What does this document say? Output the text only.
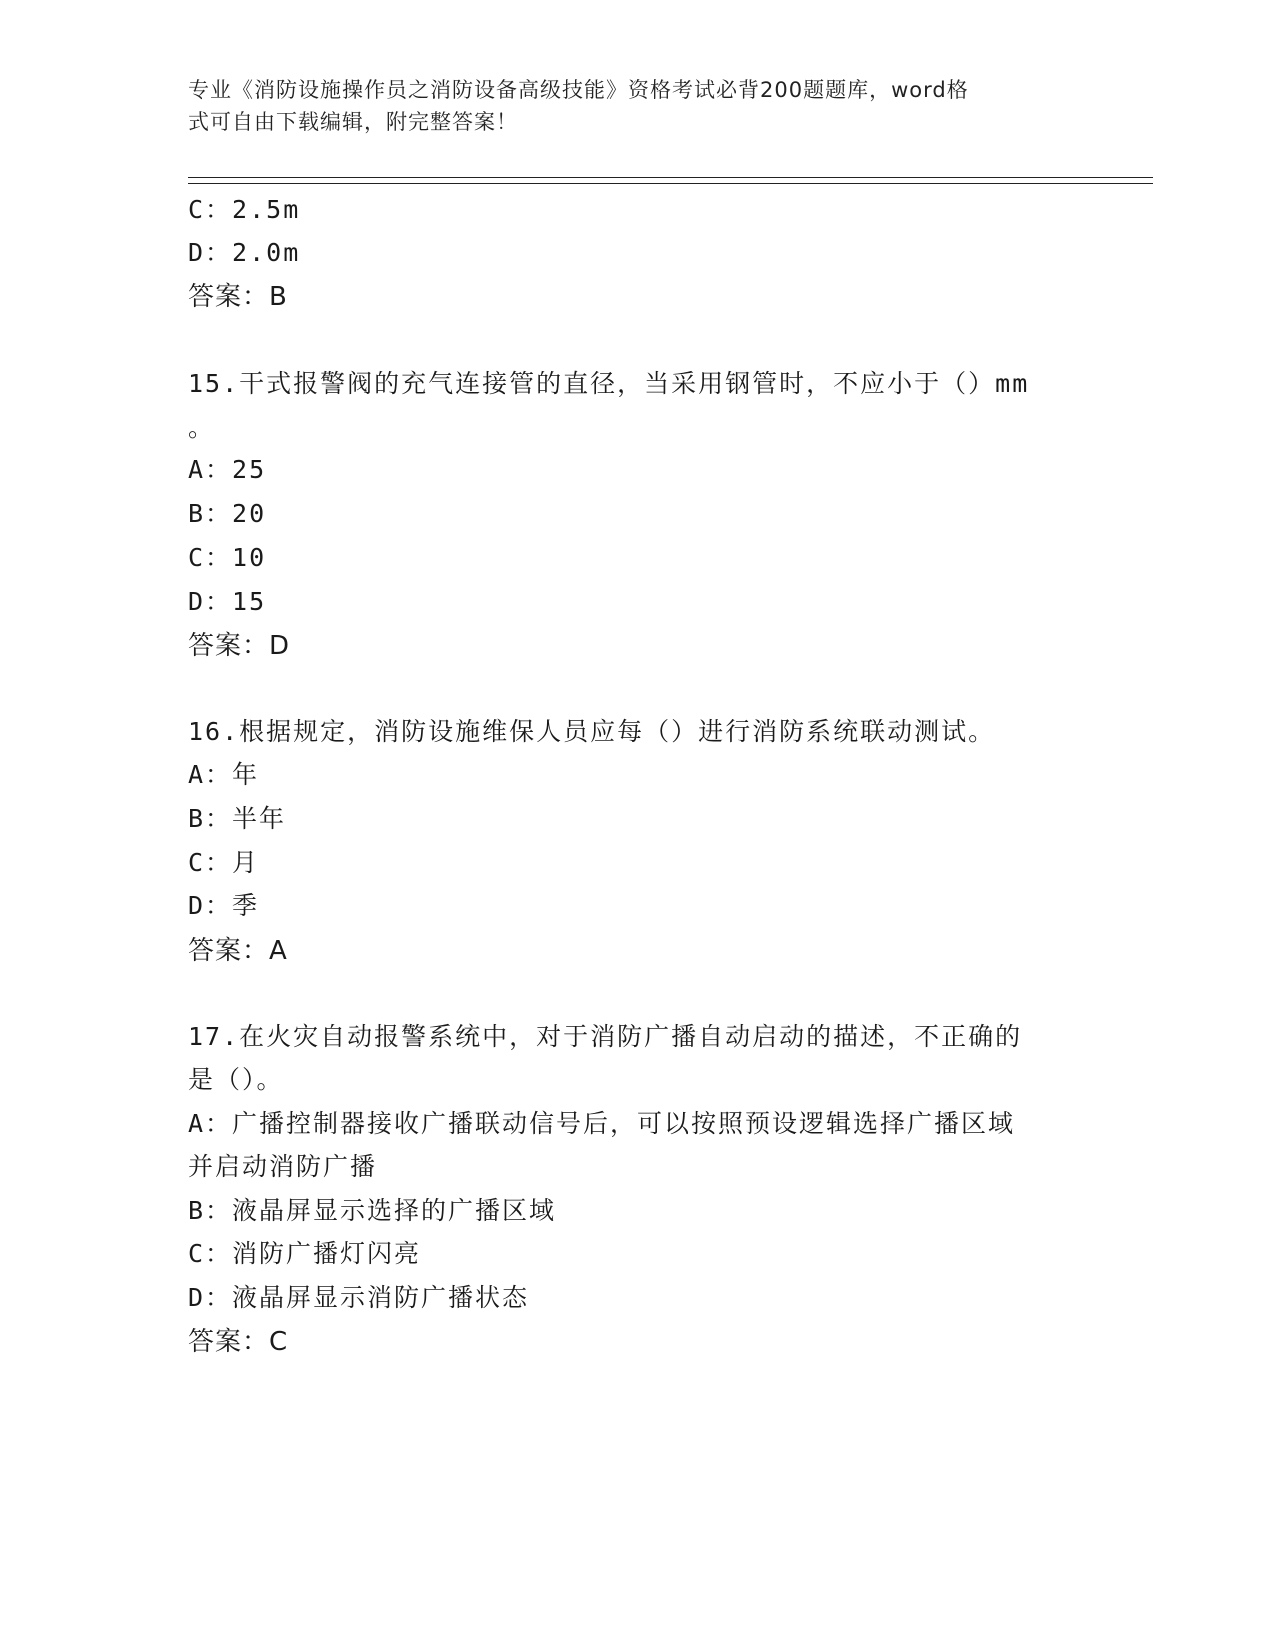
专业《消防设施操作员之消防设备高级技能》资格考试必背200题题库，word格
式可自由下载编辑，附完整答案！
C：2.5m
D：2.0m
答案：B
15.干式报警阀的充气连接管的直径，当采用钢管时，不应小于（）mm
。
A：25
B：20
C：10
D：15
答案：D
16.根据规定，消防设施维保人员应每（）进行消防系统联动测试。
A：年
B：半年
C：月
D：季
答案：A
17.在火灾自动报警系统中，对于消防广播自动启动的描述，不正确的
是（）。
A：广播控制器接收广播联动信号后，可以按照预设逻辑选择广播区域
并启动消防广播
B：液晶屏显示选择的广播区域
C：消防广播灯闪亮
D：液晶屏显示消防广播状态
答案：C
